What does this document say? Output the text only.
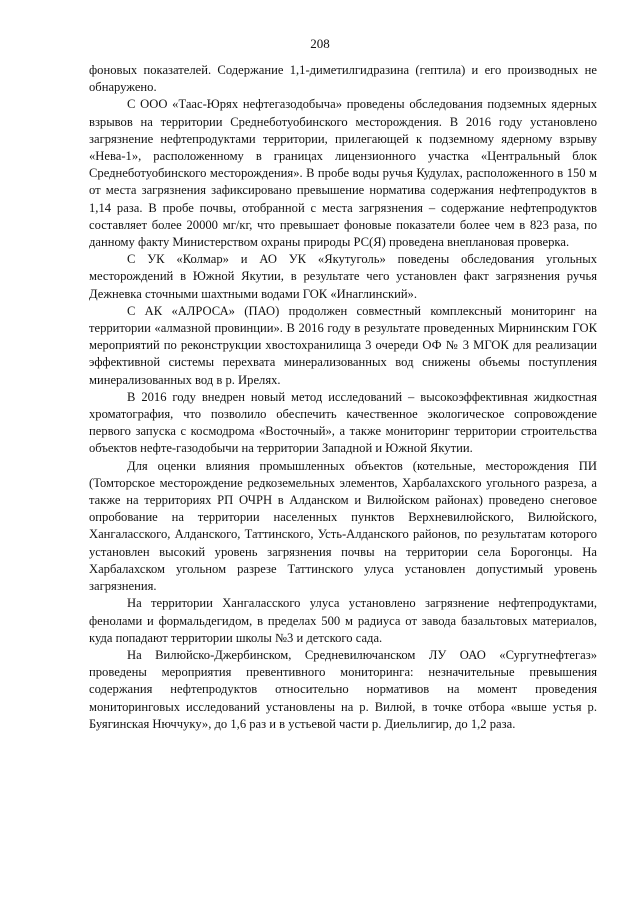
208

фоновых показателей. Содержание 1,1-диметилгидразина (гептила) и его производных не обнаружено.

С ООО «Таас-Юрях нефтегазодобыча» проведены обследования подземных ядерных взрывов на территории Среднеботуобинского месторождения. В 2016 году установлено загрязнение нефтепродуктами территории, прилегающей к подземному ядерному взрыву «Нева-1», расположенному в границах лицензионного участка «Центральный блок Среднеботуобинского месторождения». В пробе воды ручья Кудулах, расположенного в 150 м от места загрязнения зафиксировано превышение норматива содержания нефтепродуктов в 1,14 раза. В пробе почвы, отобранной с места загрязнения – содержание нефтепродуктов составляет более 20000 мг/кг, что превышает фоновые показатели более чем в 823 раза, по данному факту Министерством охраны природы РС(Я) проведена внеплановая проверка.

С УК «Колмар» и АО УК «Якутуголь» поведены обследования угольных месторождений в Южной Якутии, в результате чего установлен факт загрязнения ручья Дежневка сточными шахтными водами ГОК «Инаглинский».

С АК «АЛРОСА» (ПАО) продолжен совместный комплексный мониторинг на территории «алмазной провинции». В 2016 году в результате проведенных Мирнинским ГОК мероприятий по реконструкции хвостохранилища 3 очереди ОФ № 3 МГОК для реализации эффективной системы перехвата минерализованных вод снижены объемы поступления минерализованных вод в р. Ирелях.

В 2016 году внедрен новый метод исследований – высокоэффективная жидкостная хроматография, что позволило обеспечить качественное экологическое сопровождение первого запуска с космодрома «Восточный», а также мониторинг территории строительства объектов нефте-газодобычи на территории Западной и Южной Якутии.

Для оценки влияния промышленных объектов (котельные, месторождения ПИ (Томторское месторождение редкоземельных элементов, Харбалахского угольного разреза, а также на территориях РП ОЧРН в Алданском и Вилюйском районах) проведено снеговое опробование на территории населенных пунктов Верхневилюйского, Вилюйского, Хангаласского, Алданского, Таттинского, Усть-Алданского районов, по результатам которого установлен высокий уровень загрязнения почвы на территории села Борогонцы. На Харбалахском угольном разрезе Таттинского улуса установлен допустимый уровень загрязнения.

На территории Хангаласского улуса установлено загрязнение нефтепродуктами, фенолами и формальдегидом, в пределах 500 м радиуса от завода базальтовых материалов, куда попадают территории школы №3 и детского сада.

На Вилюйско-Джербинском, Средневилючанском ЛУ ОАО «Сургутнефтегаз» проведены мероприятия превентивного мониторинга: незначительные превышения содержания нефтепродуктов относительно нормативов на момент проведения мониторинговых исследований установлены на р. Вилюй, в точке отбора «выше устья р. Буягинская Нюччуку», до 1,6 раз и в устьевой части р. Диельлигир, до 1,2 раза.
